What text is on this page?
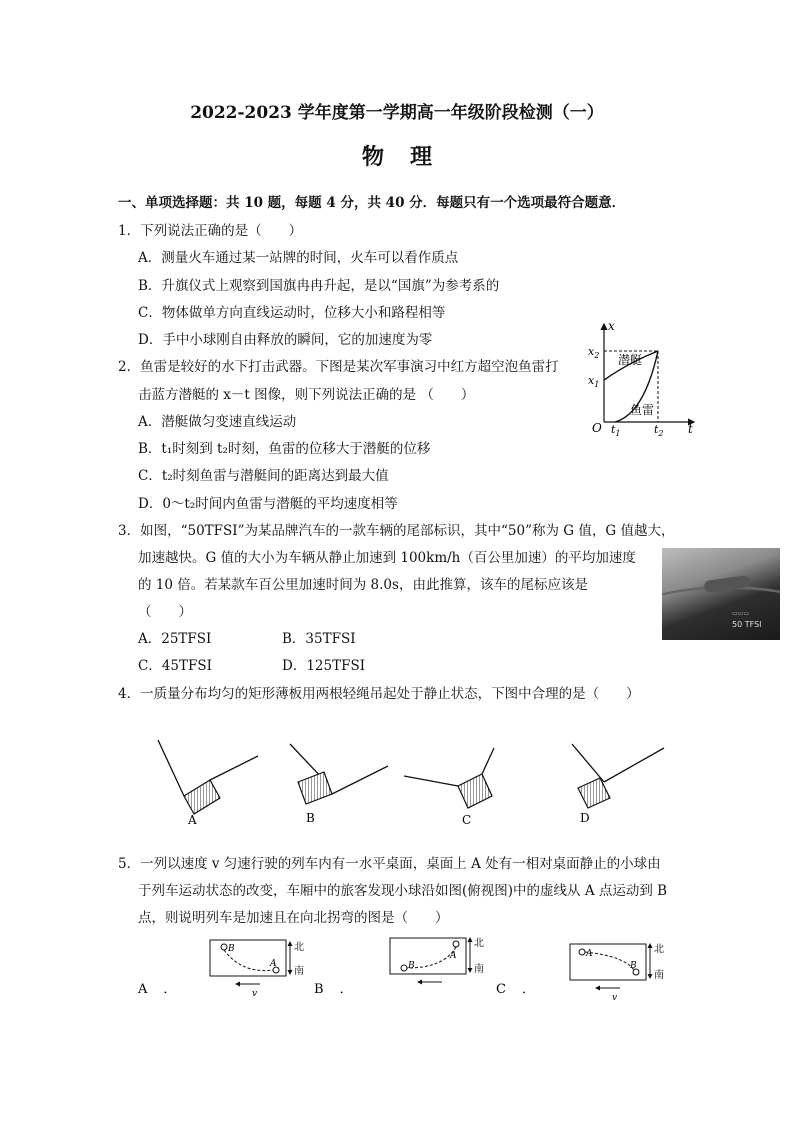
2022-2023 学年度第一学期高一年级阶段检测（一）
物理
一、单项选择题：共 10 题，每题 4 分，共 40 分．每题只有一个选项最符合题意．
1．下列说法正确的是（　　）
A．测量火车通过某一站牌的时间，火车可以看作质点
B．升旗仪式上观察到国旗冉冉升起，是以“国旗”为参考系的
C．物体做单方向直线运动时，位移大小和路程相等
D．手中小球刚自由释放的瞬间，它的加速度为零
2．鱼雷是较好的水下打击武器。下图是某次军事演习中红方超空泡鱼雷打
击蓝方潜艇的 x－t 图像，则下列说法正确的是 （　　）
A．潜艇做匀变速直线运动
B．t₁时刻到 t₂时刻，鱼雷的位移大于潜艇的位移
C．t₂时刻鱼雷与潜艇间的距离达到最大值
D．0～t₂时间内鱼雷与潜艇的平均速度相等
x
t
O
$x_2$
$x_1$
$t_1$	$t_2$
潜艇
鱼雷
3．如图，“50TFSI”为某品牌汽车的一款车辆的尾部标识，其中“50”称为 G 值，G 值越大，
加速越快。G 值的大小为车辆从静止加速到 100km/h（百公里加速）的平均加速度
的 10 倍。若某款车百公里加速时间为 8.0s，由此推算，该车的尾标应该是
（　　）
A．25TFSI	B．35TFSI
C．45TFSI	D．125TFSI
▭▭▭
50 TFSI
4．一质量分布均匀的矩形薄板用两根轻绳吊起处于静止状态，下图中合理的是（　　）
A	B	C	D
5．一列以速度 v 匀速行驶的列车内有一水平桌面，桌面上 A 处有一相对桌面静止的小球由
于列车运动状态的改变，车厢中的旅客发现小球沿如图(俯视图)中的虚线从 A 点运动到 B
点，则说明列车是加速且在向北拐弯的图是（　　）
A ．
B
A
v
北
南
B ．
A
B
北
南
C ．
A
B
v
北
南
